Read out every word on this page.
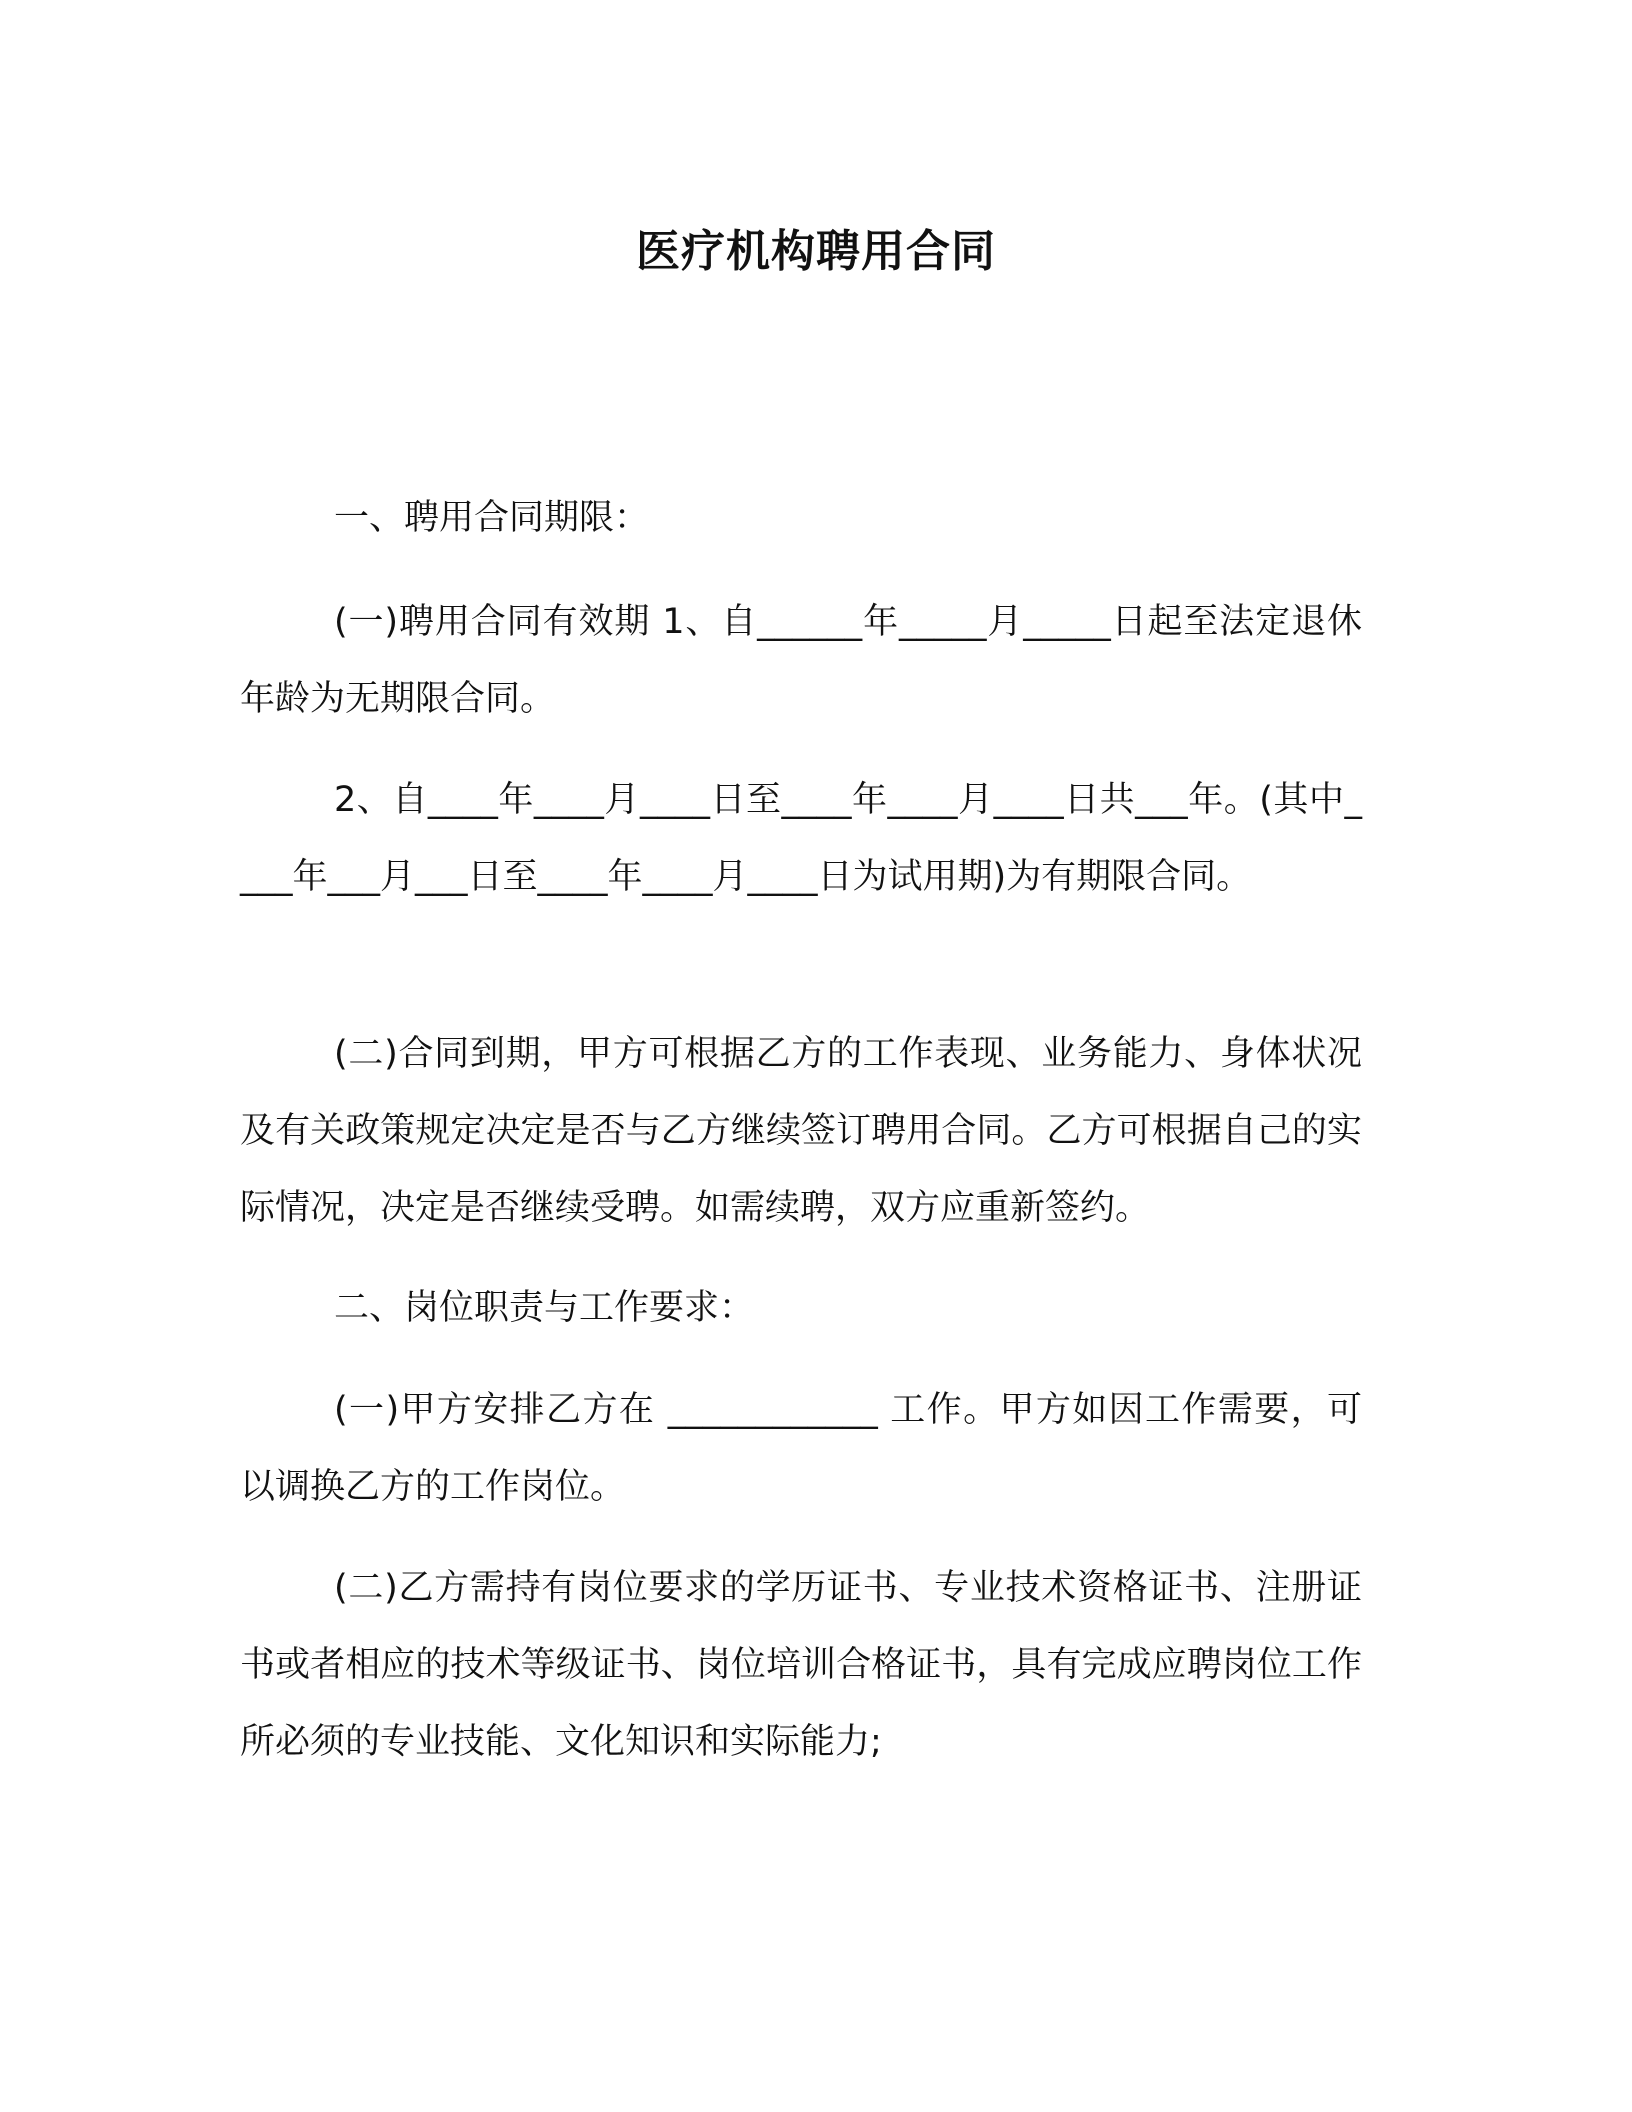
医疗机构聘用合同

一、聘用合同期限：

(一)聘用合同有效期 1、自______年_____月_____日起至法定退休年龄为无期限合同。

2、自____年____月____日至____年____月____日共___年。(其中____年___月___日至____年____月____日为试用期)为有期限合同。

(二)合同到期，甲方可根据乙方的工作表现、业务能力、身体状况及有关政策规定决定是否与乙方继续签订聘用合同。乙方可根据自己的实际情况，决定是否继续受聘。如需续聘，双方应重新签约。

二、岗位职责与工作要求：

(一)甲方安排乙方在 ____________ 工作。甲方如因工作需要，可以调换乙方的工作岗位。

(二)乙方需持有岗位要求的学历证书、专业技术资格证书、注册证书或者相应的技术等级证书、岗位培训合格证书，具有完成应聘岗位工作所必须的专业技能、文化知识和实际能力;
